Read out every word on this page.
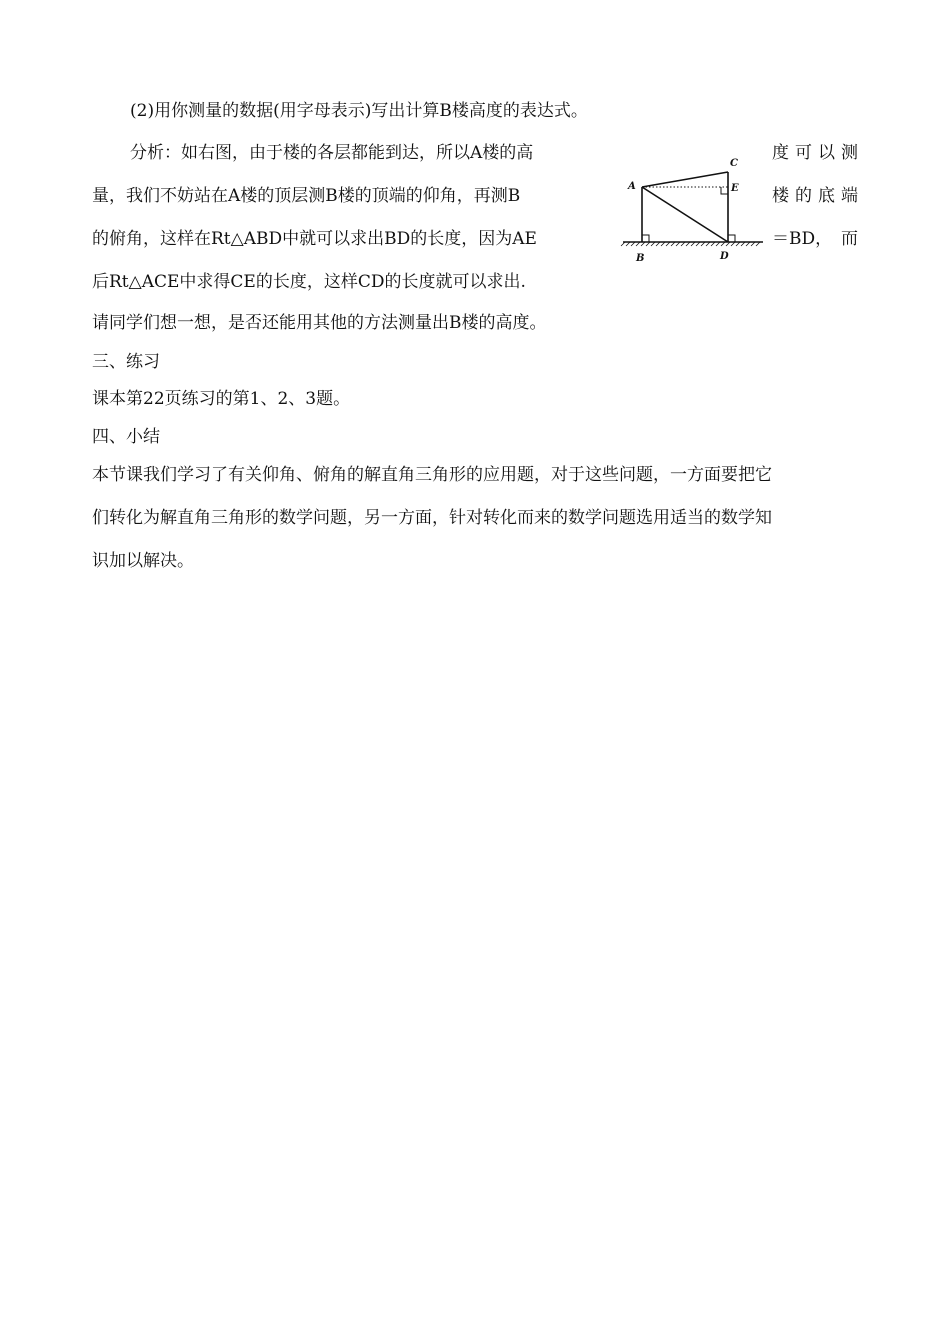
(2)用你测量的数据(用字母表示)写出计算B楼高度的表达式。
分析：如右图，由于楼的各层都能到达，所以A楼的高	度 可 以 测
量，我们不妨站在A楼的顶层测B楼的顶端的仰角，再测B	楼 的 底 端
的俯角，这样在Rt△ABD中就可以求出BD的长度，因为AE	＝BD， 而
后Rt△ACE中求得CE的长度，这样CD的长度就可以求出.
请同学们想一想，是否还能用其他的方法测量出B楼的高度。
三、练习
课本第22页练习的第1、2、3题。
四、小结
本节课我们学习了有关仰角、俯角的解直角三角形的应用题，对于这些问题，一方面要把它
们转化为解直角三角形的数学问题，另一方面，针对转化而来的数学问题选用适当的数学知
识加以解决。
A
B
C
D
E
